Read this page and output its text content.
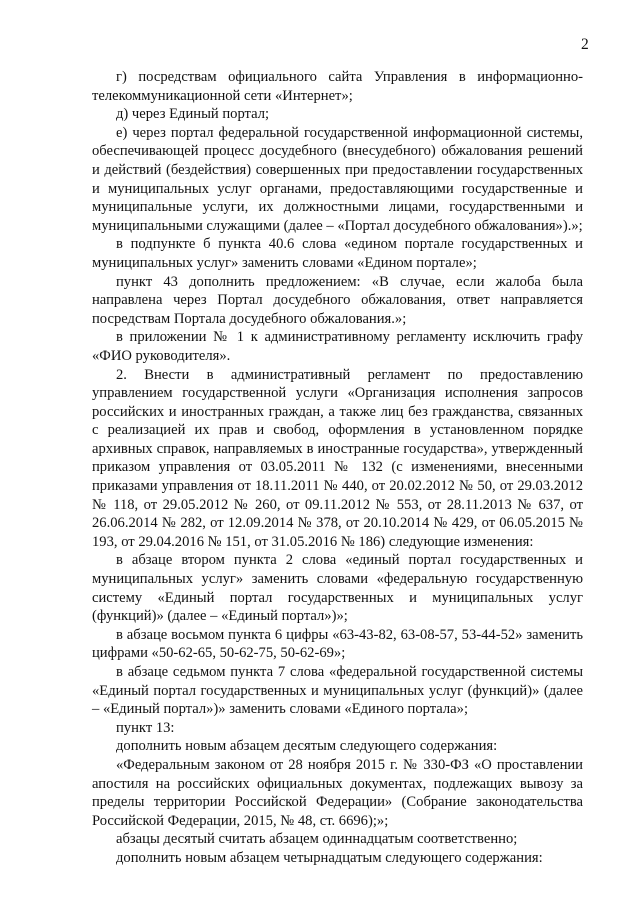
2

г) посредствам официального сайта Управления в информационно-телекоммуникационной сети «Интернет»;

д) через Единый портал;

е) через портал федеральной государственной информационной системы, обеспечивающей процесс досудебного (внесудебного) обжалования решений и действий (бездействия) совершенных при предоставлении государственных и муниципальных услуг органами, предоставляющими государственные и муниципальные услуги, их должностными лицами, государственными и муниципальными служащими (далее – «Портал досудебного обжалования»).»;

в подпункте б пункта 40.6 слова «едином портале государственных и муниципальных услуг» заменить словами «Едином портале»;

пункт 43 дополнить предложением: «В случае, если жалоба была направлена через Портал досудебного обжалования, ответ направляется посредствам Портала досудебного обжалования.»;

в приложении № 1 к административному регламенту исключить графу «ФИО руководителя».

2. Внести в административный регламент по предоставлению управлением государственной услуги «Организация исполнения запросов российских и иностранных граждан, а также лиц без гражданства, связанных с реализацией их прав и свобод, оформления в установленном порядке архивных справок, направляемых в иностранные государства», утвержденный приказом управления от 03.05.2011 № 132 (с изменениями, внесенными приказами управления от 18.11.2011 № 440, от 20.02.2012 № 50, от 29.03.2012 № 118, от 29.05.2012 № 260, от 09.11.2012 № 553, от 28.11.2013 № 637, от 26.06.2014 № 282, от 12.09.2014 № 378, от 20.10.2014 № 429, от 06.05.2015 № 193, от 29.04.2016 № 151, от 31.05.2016 № 186) следующие изменения:

в абзаце втором пункта 2 слова «единый портал государственных и муниципальных услуг» заменить словами «федеральную государственную систему «Единый портал государственных и муниципальных услуг (функций)» (далее – «Единый портал»)»;

в абзаце восьмом пункта 6 цифры «63-43-82, 63-08-57, 53-44-52» заменить цифрами «50-62-65, 50-62-75, 50-62-69»;

в абзаце седьмом пункта 7 слова «федеральной государственной системы «Единый портал государственных и муниципальных услуг (функций)» (далее – «Единый портал»)» заменить словами «Единого портала»;

пункт 13:

дополнить новым абзацем десятым следующего содержания:

«Федеральным законом от 28 ноября 2015 г. № 330-ФЗ «О проставлении апостиля на российских официальных документах, подлежащих вывозу за пределы территории Российской Федерации» (Собрание законодательства Российской Федерации, 2015, № 48, ст. 6696);»;

абзацы десятый считать абзацем одиннадцатым соответственно;

дополнить новым абзацем четырнадцатым следующего содержания:
